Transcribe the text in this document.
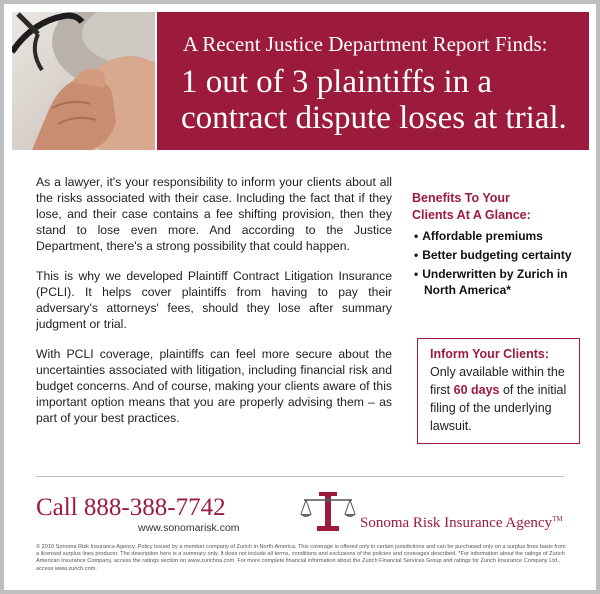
A Recent Justice Department Report Finds:
1 out of 3 plaintiffs in a contract dispute loses at trial.

As a lawyer, it's your responsibility to inform your clients about all the risks associated with their case. Including the fact that if they lose, and their case contains a fee shifting provision, then they stand to lose even more. And according to the Justice Department, there's a strong possibility that could happen.

This is why we developed Plaintiff Contract Litigation Insurance (PCLI). It helps cover plaintiffs from having to pay their adversary's attorneys' fees, should they lose after summary judgment or trial.

With PCLI coverage, plaintiffs can feel more secure about the uncertainties associated with litigation, including financial risk and budget concerns. And of course, making your clients aware of this important option means that you are properly advising them – as part of your best practices.

Benefits To Your
Clients At A Glance:
• Affordable premiums
• Better budgeting certainty
• Underwritten by Zurich in North America*
Inform Your Clients:
Only available within the first 60 days of the initial filing of the underlying lawsuit.
Call 888-388-7742
www.sonomarisk.com	Sonoma Risk Insurance Agency™
© 2010 Sonoma Risk Insurance Agency. Policy issued by a member company of Zurich in North America. This coverage is offered only in certain jurisdictions and can be purchased only on a surplus lines basis from a licensed surplus lines producer. The description here is a summary only. It does not include all terms, conditions and exclusions of the policies and coverages described. *For information about the ratings of Zurich American Insurance Company, access the ratings section on www.zurichna.com. For more complete financial information about the Zurich Financial Services Group and ratings for Zurich Insurance Company Ltd., access www.zurich.com.
